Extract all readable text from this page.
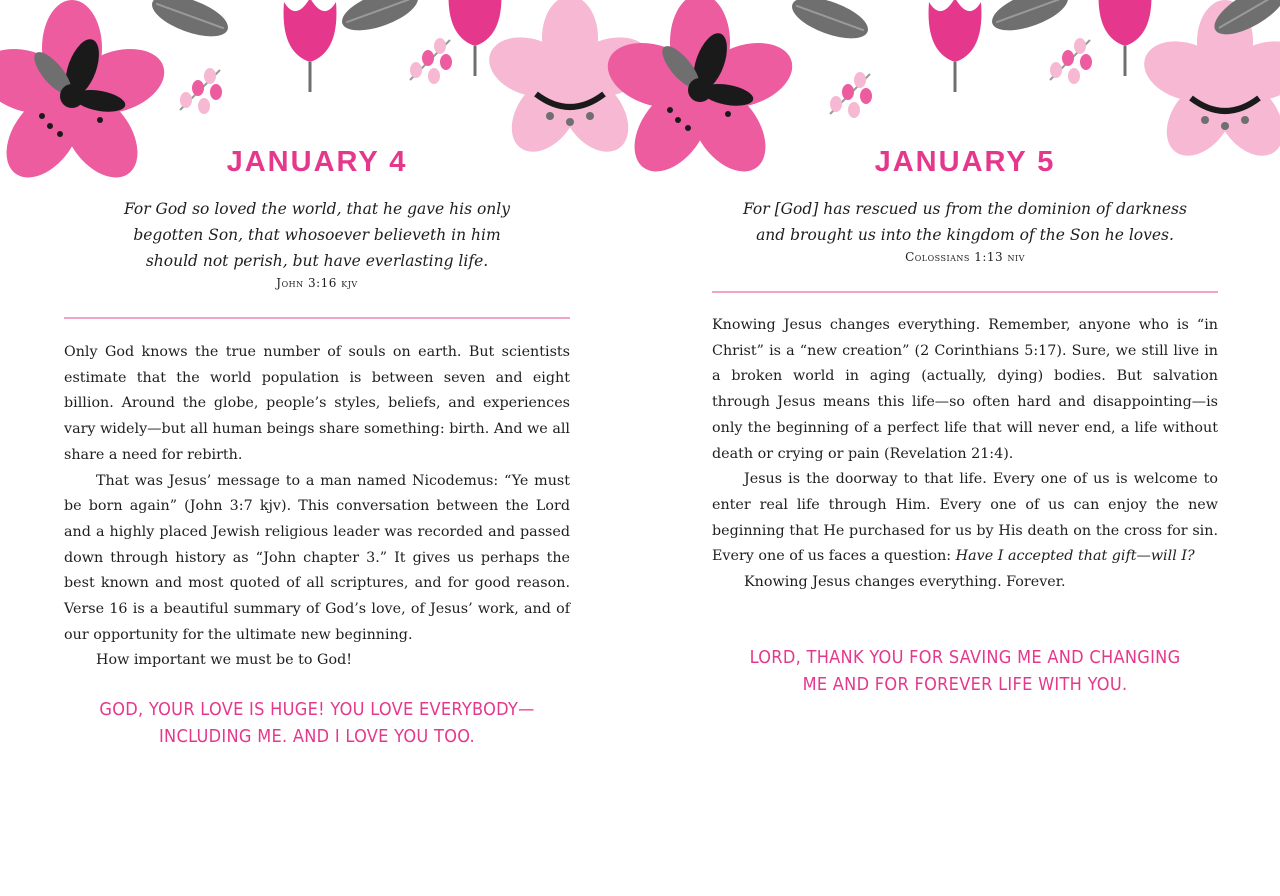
JANUARY 4
For God so loved the world, that he gave his only
begotten Son, that whosoever believeth in him
should not perish, but have everlasting life.
John 3:16 kjv

Only God knows the true number of souls on earth. But scientists estimate that the world population is between seven and eight billion. Around the globe, people’s styles, beliefs, and experiences vary widely—but all human beings share something: birth. And we all share a need for rebirth.

That was Jesus’ message to a man named Nicodemus: “Ye must be born again” (John 3:7 kjv). This conversation between the Lord and a highly placed Jewish religious leader was recorded and passed down through history as “John chapter 3.” It gives us perhaps the best known and most quoted of all scriptures, and for good reason. Verse 16 is a beautiful summary of God’s love, of Jesus’ work, and of our opportunity for the ultimate new beginning.

How important we must be to God!

GOD, YOUR LOVE IS HUGE! YOU LOVE EVERYBODY—
INCLUDING ME. AND I LOVE YOU TOO.
JANUARY 5
For [God] has rescued us from the dominion of darkness
and brought us into the kingdom of the Son he loves.
Colossians 1:13 niv

Knowing Jesus changes everything. Remember, anyone who is “in Christ” is a “new creation” (2 Corinthians 5:17). Sure, we still live in a broken world in aging (actually, dying) bodies. But salvation through Jesus means this life—so often hard and disappointing—is only the beginning of a perfect life that will never end, a life without death or crying or pain (Revelation 21:4).

Jesus is the doorway to that life. Every one of us is welcome to enter real life through Him. Every one of us can enjoy the new beginning that He purchased for us by His death on the cross for sin. Every one of us faces a question: Have I accepted that gift—will I?

Knowing Jesus changes everything. Forever.

LORD, THANK YOU FOR SAVING ME AND CHANGING
ME AND FOR FOREVER LIFE WITH YOU.
